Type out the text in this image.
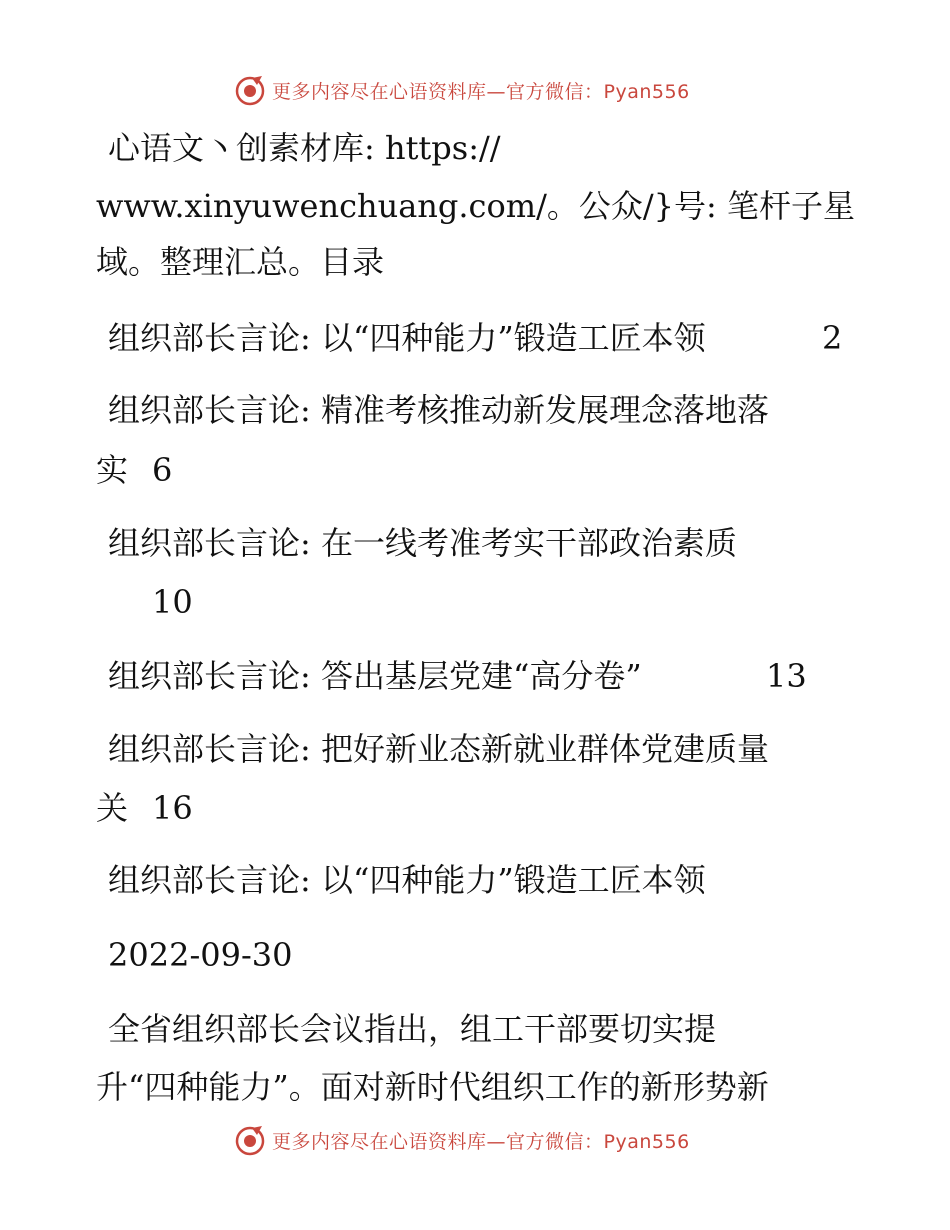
更多内容尽在心语资料库—官方微信：Pyan556
心语文丶创素材库: https://
www.xinyuwenchuang.com/。公众/}号: 笔杆子星
域。整理汇总。目录
组织部长言论: 以“四种能力”锻造工匠本领	2
组织部长言论: 精准考核推动新发展理念落地落
实 6
组织部长言论: 在一线考准考实干部政治素质
10
组织部长言论: 答出基层党建“高分卷”	13
组织部长言论: 把好新业态新就业群体党建质量
关 16
组织部长言论: 以“四种能力”锻造工匠本领
2022-09-30
全省组织部长会议指出，组工干部要切实提
升“四种能力”。面对新时代组织工作的新形势新
更多内容尽在心语资料库—官方微信：Pyan556
